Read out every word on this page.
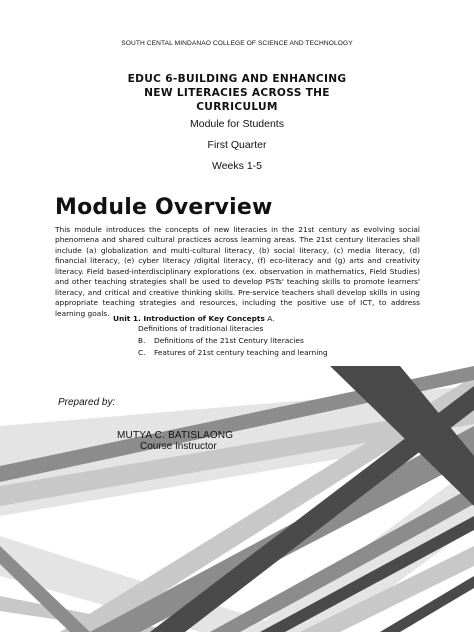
SOUTH CENTAL MINDANAO COLLEGE OF SCIENCE AND TECHNOLOGY
EDUC 6-BUILDING AND ENHANCING
NEW LITERACIES ACROSS THE
CURRICULUM
Module for Students
First Quarter
Weeks 1-5
Module Overview

This module introduces the concepts of new literacies in the 21st century as evolving social phenomena and shared cultural practices across learning areas. The 21st century literacies shall include (a) globalization and multi-cultural literacy, (b) social literacy, (c) media literacy, (d) financial literacy, (e) cyber literacy /digital literacy, (f) eco-literacy and (g) arts and creativity literacy. Field based-interdisciplinary explorations (ex. observation in mathematics, Field Studies) and other teaching strategies shall be used to develop PSTs' teaching skills to promote learners' literacy, and critical and creative thinking skills. Pre-service teachers shall develop skills in using appropriate teaching strategies and resources, including the positive use of ICT, to address learning goals.

Unit 1. Introduction of Key Concepts A.
Definitions of traditional literacies
B. Definitions of the 21st Century literacies
C. Features of 21st century teaching and learning
Prepared by:
MUTYA C. BATISLAONG
Course Instructor
